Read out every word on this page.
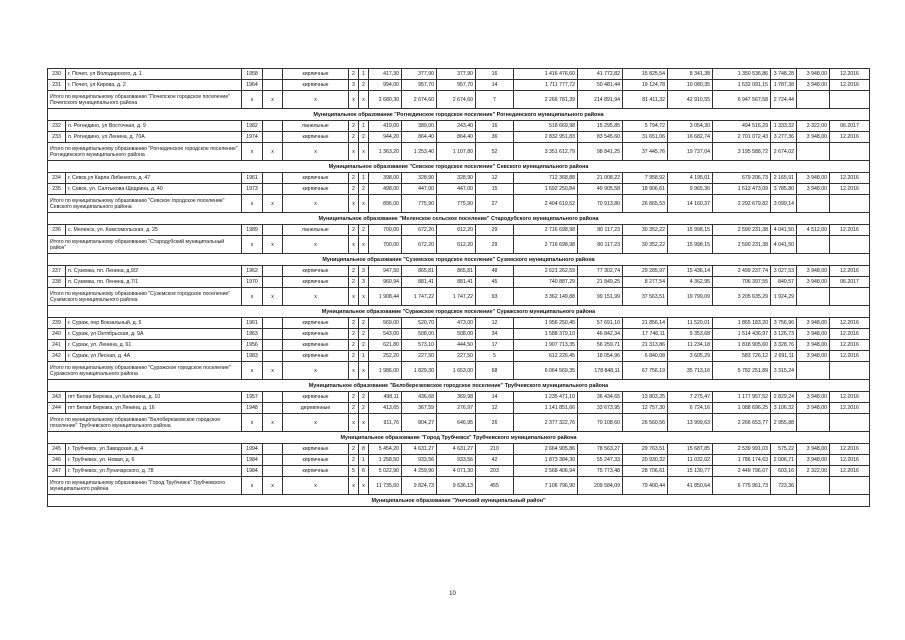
230	г. Почеп, ул Володарского, д. 1	1958		кирпичные	2	1	417,30	377,90	377,90	16	1 416 476,60	41 772,82	15 825,54	8 341,38	1 350 536,86	3 748,28	3 948,00	12.2016
231	г. Почеп, ул Кирова, д. 2	1964		кирпичные	3	2	994,00	957,70	957,70	14	1 711 777,72	50 481,44	19 124,78	10 080,35	1 632 091,15	1 787,38	3 948,00	12.2016
Итого по муниципальному образованию "Почепское городское поселение" Почепского муниципального района		х	х	х	х	х	2 680,30	2 674,60	2 674,60	7	2 266 781,39	214 891,94	81 411,32	42 910,55	6 947 567,58	2 724,44		
Муниципальное образование "Рогнединское городское поселение" Рогнединского муниципального района																		
232	п. Рогнедино, ул Восточная, д. 9	1982		панельные	2	1	419,00	389,00	243,40	16	518 669,98	15 295,85	5 794,72	3 054,30	494 516,29	1 333,32	2 322,00	06.2017
233	п. Рогнедино, ул Ленина, д. 70А	1974		кирпичные	2	2	944,20	864,40	864,40	36	2 832 951,83	83 545,60	31 651,06	16 682,74	2 701 072,43	3 277,36	3 948,00	12.2016
Итого по муниципальному образованию "Рогнединское городское поселение" Рогнединского муниципального района		х	х	х	х	х	1 363,20	1 253,40	1 107,80	52	3 351 612,79	98 841,25	37 445,76	19 737,04	3 195 588,72	2 674,02		
Муниципальное образование "Севское городское поселение" Севского муниципального района																		
234	г. Севск,ул Карла Либкнехта, д. 47	1961		кирпичные	2	1	398,00	328,90	328,90	12	712 368,88	21 008,22	7 958,92	4 195,01	679 206,73	2 165,91	3 948,00	12.2016
235	г. Севск, ул. Салтыкова-Щедрина, д. 40	1973		кирпичные	2	2	498,00	447,00	447,00	15	1 692 250,84	49 905,58	18 906,61	9 965,36	1 613 473,09	3 785,80	3 948,00	12.2016
Итого по муниципальному образованию "Севское городское поселение" Севского муниципального района		х	х	х	х	х	896,00	775,90	775,90	27	2 404 619,52	70 913,80	26 865,53	14 160,37	2 292 679,82	3 099,14		
Муниципальное образование "Меленское сельское поселение" Стародубского муниципального района																		
236	с. Меленск, ул. Комсомольская, д. 25	1989		панельные	2	2	700,00	672,20	612,20	29	2 716 698,98	80 117,23	30 352,22	15 998,15	2 590 231,38	4 041,50	4 512,00	12.2016
Итого по муниципальному образованию "Стародубский муниципальный район"		х	х	х	х	х	700,00	672,20	612,20	29	2 716 698,98	80 117,23	30 352,22	15 998,15	2 590 231,38	4 041,50		
Муниципальное образование "Суземское городское поселение" Суземского муниципального района																		
237	п. Суземка, пл. Ленина, д.9/2	1962		кирпичные	2	3	947,50	865,81	865,81	48	2 621 262,59	77 302,74	29 285,97	15 436,14	2 499 237,74	3 027,53	3 948,00	12.2016
238	п. Суземка, пл. Ленина, д.7/1	1970		кирпичные	2	3	960,94	881,41	881,41	45	740 887,29	21 849,25	8 277,54	4 362,95	706 397,55	840,57	3 948,00	06.2017
Итого по муниципальному образованию "Суземское городское поселение" Суземского муниципального района		х	х	х	х	х	1 908,44	1 747,22	1 747,22	93	3 362 149,88	99 151,99	37 563,51	19 799,09	3 205 635,29	1 924,29		
Муниципальное образование "Суражское городское поселение" Суражского муниципального района																		
239	г. Сураж, пер Вокзальный, д. 5	1961		кирпичные	2	2	569,00	520,70	473,00	12	1 956 250,45	57 691,10	21 856,14	11 520,01	1 865 183,20	3 756,96	3 948,00	12.2016
240	г. Сураж, ул Октябрьская, д. 9А	1963		кирпичные	2	2	543,00	508,00	508,00	34	1 588 379,10	46 842,34	17 746,11	9 353,68	1 514 436,97	3 126,73	3 948,00	12.2016
241	г. Сураж, ул. Ленина, д. 61	1956		кирпичные	2	2	621,80	573,10	444,50	17	1 907 713,35	56 259,71	21 313,86	11 234,18	1 818 905,60	3 328,76	3 948,00	12.2016
242	г. Сураж, ул Лесная, д. 4А	1983		кирпичные	2	1	252,20	227,50	227,50	5	612 226,45	18 054,96	6 840,08	3 605,29	583 726,12	2 691,11	3 948,00	12.2016
Итого по муниципальному образованию "Суражское городское поселение" Суражского муниципального района		х	х	х	х	х	1 986,00	1 829,30	1 653,00	68	6 064 569,35	178 848,11	67 756,19	35 713,16	5 782 251,89	3 315,24		
Муниципальное образование "Белоберезковское городское поселение" Трубчевского муниципального района																		
243	пгт Белая Березка, ул Калинина, д. 10	1957		кирпичные	2	2	498,11	436,68	369,98	14	1 235 471,10	36 434,65	13 803,25	7 275,47	1 177 957,52	2 829,24	3 948,00	12.2016
244	пгт Белая Березка, ул Ленина, д. 16	1948		деревянные	2	2	413,65	367,59	276,97	12	1 141 851,66	33 673,95	12 757,30	6 724,16	1 088 696,25	3 106,32	3 948,00	12.2016
Итого по муниципальному образованию "Белоберезковское городское поселение" Трубчевского муниципального района		х	х	х	х	х	911,76	804,27	646,95	26	2 377 322,76	70 108,60	26 560,56	13 999,63	2 266 653,77	2 955,88		
Муниципальное образование "Город Трубчевск" Трубчевского муниципального района																		
245	г. Трубчевск, ул Заводская, д. 4	1994		кирпичные	2	8	5 454,20	4 631,27	4 631,27	210	2 664 905,86	78 563,27	29 763,51	15 687,85	2 539 991,03	575,22	3 948,00	12.2016
246	г. Трубчевск, ул. Новая, д. 6	1984		кирпичные	2	1	1 258,50	933,56	933,56	42	1 873 384,30	55 247,33	20 930,32	11 032,02	1 786 174,63	2 006,71	3 948,00	12.2016
247	г. Трубчевск, ул Луначарского, д. 78	1984		кирпичные	5	6	5 022,90	4 259,90	4 071,30	203	2 568 406,94	75 773,48	28 706,61	15 130,77	2 449 796,07	603,16	2 322,00	12.2016
Итого по муниципальному образованию "Город Трубчевск" Трубчевского муниципального района		х	х	х	х	х	11 735,60	9 824,73	9 636,13	455	7 106 796,90	209 584,09	79 400,44	41 850,64	6 775 961,73	723,36		
Муниципальное образование "Унечский муниципальный район"																		
10
